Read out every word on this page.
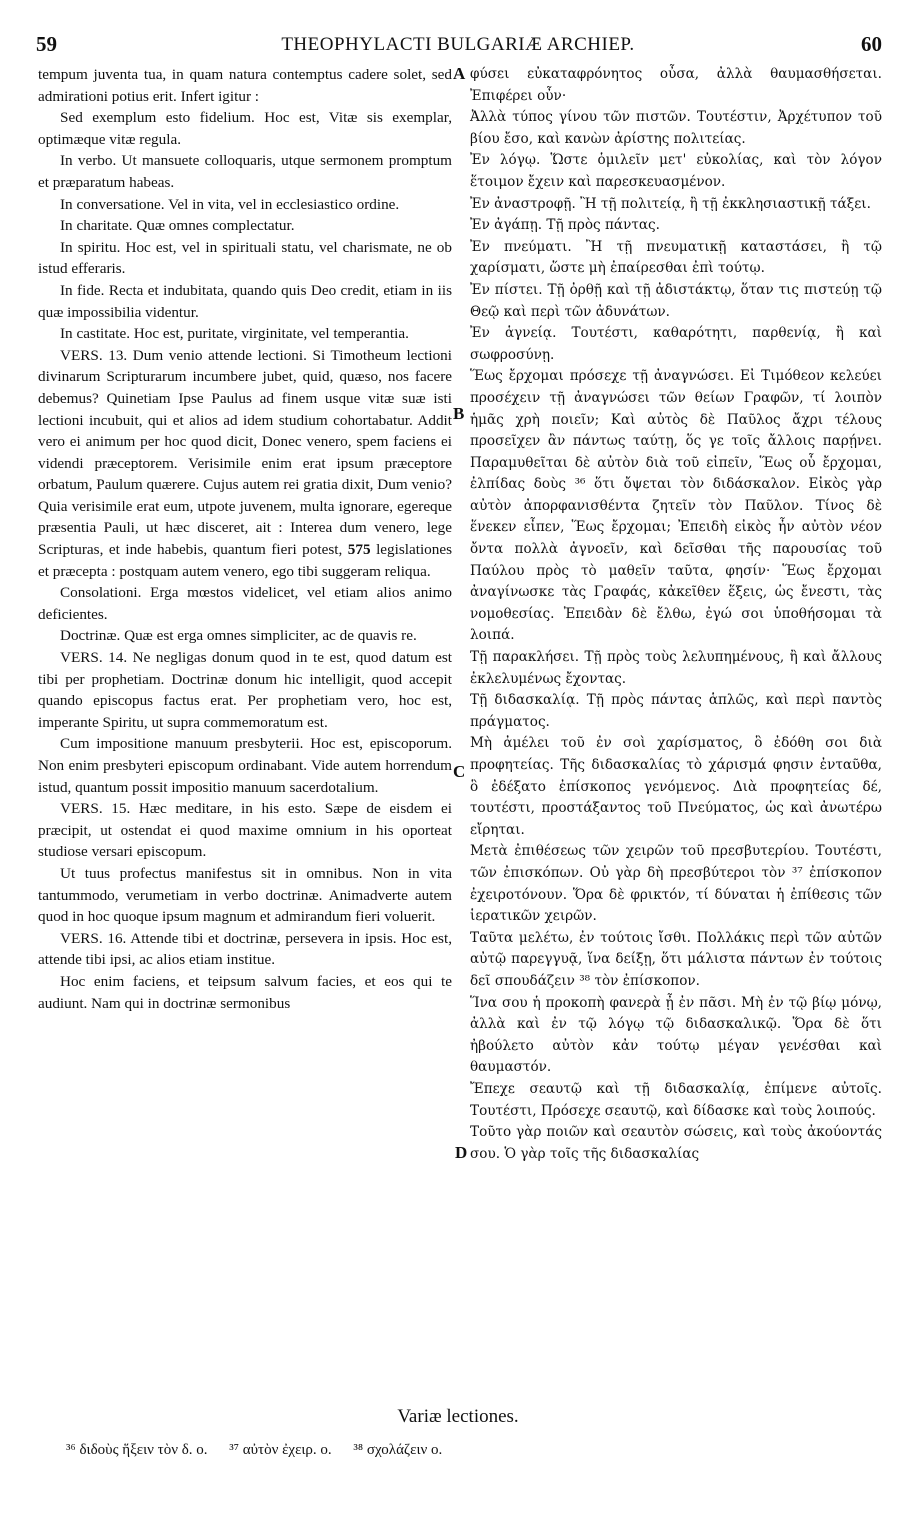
59	THEOPHYLACTI BULGARIÆ ARCHIEP.	60

tempum juventa tua, in quam natura contemptus cadere solet, sed admirationi potius erit. Infert igitur :

Sed exemplum esto fidelium. Hoc est, Vitæ sis exemplar, optimæque vitæ regula.

In verbo. Ut mansuete colloquaris, utque sermonem promptum et præparatum habeas.

In conversatione. Vel in vita, vel in ecclesiastico ordine.

In charitate. Quæ omnes complectatur.

In spiritu. Hoc est, vel in spirituali statu, vel charismate, ne ob istud efferaris.

In fide. Recta et indubitata, quando quis Deo credit, etiam in iis quæ impossibilia videntur.

In castitate. Hoc est, puritate, virginitate, vel temperantia.

VERS. 13. Dum venio attende lectioni. Si Timotheum lectioni divinarum Scripturarum incumbere jubet, quid, quæso, nos facere debemus? Quinetiam Ipse Paulus ad finem usque vitæ suæ isti lectioni incubuit, qui et alios ad idem studium cohortabatur. Addit vero ei animum per hoc quod dicit, Donec venero, spem faciens ei videndi præceptorem. Verisimile enim erat ipsum præceptore orbatum, Paulum quærere. Cujus autem rei gratia dixit, Dum venio? Quia verisimile erat eum, utpote juvenem, multa ignorare, egereque præsentia Pauli, ut hæc disceret, ait : Interea dum venero, lege Scripturas, et inde habebis, quantum fieri potest, 575 legislationes et præcepta : postquam autem venero, ego tibi suggeram reliqua.

Consolationi. Erga mœstos videlicet, vel etiam alios animo deficientes.

Doctrinæ. Quæ est erga omnes simpliciter, ac de quavis re.

VERS. 14. Ne negligas donum quod in te est, quod datum est tibi per prophetiam. Doctrinæ donum hic intelligit, quod accepit quando episcopus factus erat. Per prophetiam vero, hoc est, imperante Spiritu, ut supra commemoratum est.

Cum impositione manuum presbyterii. Hoc est, episcoporum. Non enim presbyteri episcopum ordinabant. Vide autem horrendum istud, quantum possit impositio manuum sacerdotalium.

VERS. 15. Hæc meditare, in his esto. Sæpe de eisdem ei præcipit, ut ostendat ei quod maxime omnium in his oporteat studiose versari episcopum.

Ut tuus profectus manifestus sit in omnibus. Non in vita tantummodo, verumetiam in verbo doctrinæ. Animadverte autem quod in hoc quoque ipsum magnum et admirandum fieri voluerit.

VERS. 16. Attende tibi et doctrinæ, persevera in ipsis. Hoc est, attende tibi ipsi, ac alios etiam institue.

Hoc enim faciens, et teipsum salvum facies, et eos qui te audiunt. Nam qui in doctrinæ sermonibus

A
B
C
D

φύσει εὐκαταφρόνητος οὖσα, ἀλλὰ θαυμασθήσεται. Ἐπιφέρει οὖν·

Ἀλλὰ τύπος γίνου τῶν πιστῶν. Τουτέστιν, Ἀρχέτυπον τοῦ βίου ἔσο, καὶ κανὼν ἀρίστης πολιτείας.

Ἐν λόγῳ. Ὥστε ὁμιλεῖν μετ' εὐκολίας, καὶ τὸν λόγον ἕτοιμον ἔχειν καὶ παρεσκευασμένον.

Ἐν ἀναστροφῇ. Ἢ τῇ πολιτείᾳ, ἢ τῇ ἐκκλησιαστικῇ τάξει.

Ἐν ἀγάπῃ. Τῇ πρὸς πάντας.

Ἐν πνεύματι. Ἢ τῇ πνευματικῇ καταστάσει, ἢ τῷ χαρίσματι, ὥστε μὴ ἐπαίρεσθαι ἐπὶ τούτῳ.

Ἐν πίστει. Τῇ ὀρθῇ καὶ τῇ ἀδιστάκτῳ, ὅταν τις πιστεύῃ τῷ Θεῷ καὶ περὶ τῶν ἀδυνάτων.

Ἐν ἁγνείᾳ. Τουτέστι, καθαρότητι, παρθενίᾳ, ἢ καὶ σωφροσύνῃ.

Ἕως ἔρχομαι πρόσεχε τῇ ἀναγνώσει. Εἰ Τιμόθεον κελεύει προσέχειν τῇ ἀναγνώσει τῶν θείων Γραφῶν, τί λοιπὸν ἡμᾶς χρὴ ποιεῖν; Καὶ αὐτὸς δὲ Παῦλος ἄχρι τέλους προσεῖχεν ἂν πάντως ταύτῃ, ὅς γε τοῖς ἄλλοις παρῄνει. Παραμυθεῖται δὲ αὐτὸν διὰ τοῦ εἰπεῖν, Ἕως οὗ ἔρχομαι, ἐλπίδας δοὺς ³⁶ ὅτι ὄψεται τὸν διδάσκαλον. Εἰκὸς γὰρ αὐτὸν ἀπορφανισθέντα ζητεῖν τὸν Παῦλον. Τίνος δὲ ἕνεκεν εἶπεν, Ἕως ἔρχομαι; Ἐπειδὴ εἰκὸς ἦν αὐτὸν νέον ὄντα πολλὰ ἀγνοεῖν, καὶ δεῖσθαι τῆς παρουσίας τοῦ Παύλου πρὸς τὸ μαθεῖν ταῦτα, φησίν· Ἕως ἔρχομαι ἀναγίνωσκε τὰς Γραφάς, κἀκεῖθεν ἕξεις, ὡς ἔνεστι, τὰς νομοθεσίας. Ἐπειδὰν δὲ ἔλθω, ἐγώ σοι ὑποθήσομαι τὰ λοιπά.

Τῇ παρακλήσει. Τῇ πρὸς τοὺς λελυπημένους, ἢ καὶ ἄλλους ἐκλελυμένως ἔχοντας.

Τῇ διδασκαλίᾳ. Τῇ πρὸς πάντας ἁπλῶς, καὶ περὶ παντὸς πράγματος.

Μὴ ἀμέλει τοῦ ἐν σοὶ χαρίσματος, ὃ ἐδόθη σοι διὰ προφητείας. Τῆς διδασκαλίας τὸ χάρισμά φησιν ἐνταῦθα, ὃ ἐδέξατο ἐπίσκοπος γενόμενος. Διὰ προφητείας δέ, τουτέστι, προστάξαντος τοῦ Πνεύματος, ὡς καὶ ἀνωτέρω εἴρηται.

Μετὰ ἐπιθέσεως τῶν χειρῶν τοῦ πρεσβυτερίου. Τουτέστι, τῶν ἐπισκόπων. Οὐ γὰρ δὴ πρεσβύτεροι τὸν ³⁷ ἐπίσκοπον ἐχειροτόνουν. Ὅρα δὲ φρικτόν, τί δύναται ἡ ἐπίθεσις τῶν ἱερατικῶν χειρῶν.

Ταῦτα μελέτω, ἐν τούτοις ἴσθι. Πολλάκις περὶ τῶν αὐτῶν αὐτῷ παρεγγυᾷ, ἵνα δείξῃ, ὅτι μάλιστα πάντων ἐν τούτοις δεῖ σπουδάζειν ³⁸ τὸν ἐπίσκοπον.

Ἵνα σου ἡ προκοπὴ φανερὰ ᾖ ἐν πᾶσι. Μὴ ἐν τῷ βίῳ μόνῳ, ἀλλὰ καὶ ἐν τῷ λόγῳ τῷ διδασκαλικῷ. Ὅρα δὲ ὅτι ἠβούλετο αὐτὸν κἀν τούτῳ μέγαν γενέσθαι καὶ θαυμαστόν.

Ἔπεχε σεαυτῷ καὶ τῇ διδασκαλίᾳ, ἐπίμενε αὐτοῖς. Τουτέστι, Πρόσεχε σεαυτῷ, καὶ δίδασκε καὶ τοὺς λοιπούς.

Τοῦτο γὰρ ποιῶν καὶ σεαυτὸν σώσεις, καὶ τοὺς ἀκούοντάς σου. Ὁ γὰρ τοῖς τῆς διδασκαλίας

Variæ lectiones.
³⁶ διδοὺς ἥξειν τὸν δ. ο. ³⁷ αὐτὸν ἐχειρ. ο. ³⁸ σχολάζειν ο.
